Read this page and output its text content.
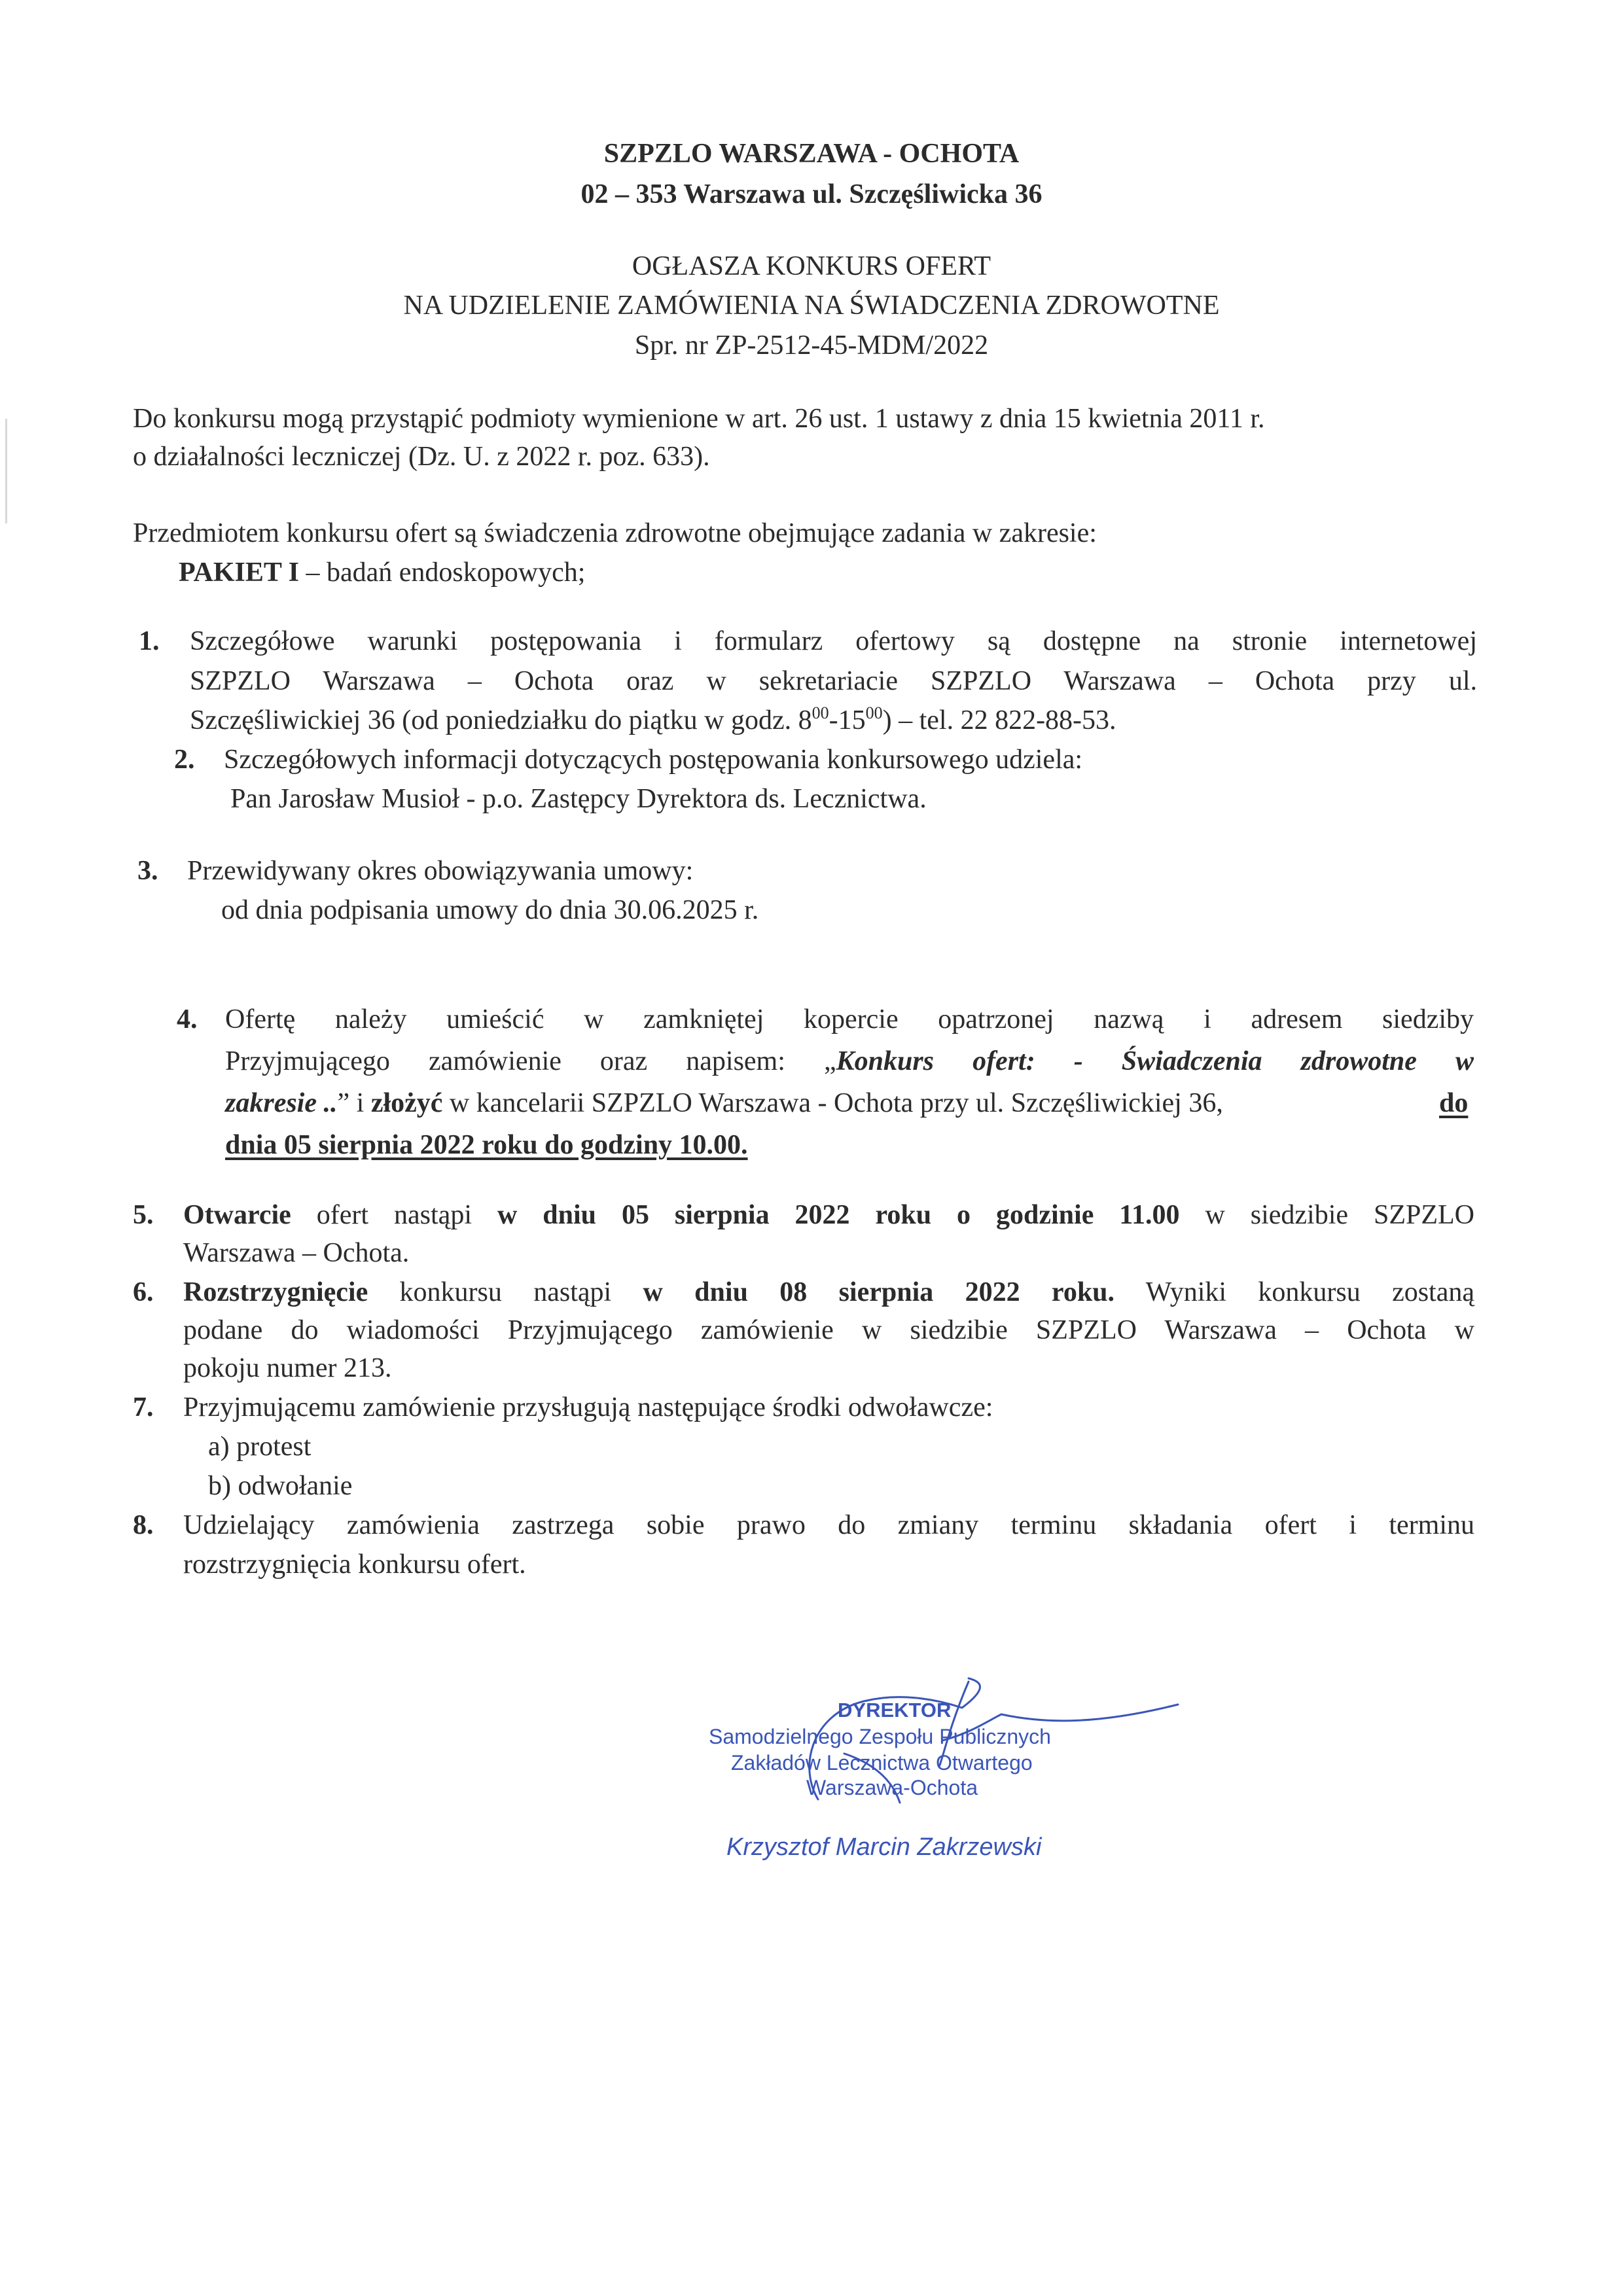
SZPZLO WARSZAWA - OCHOTA
02 – 353 Warszawa ul. Szczęśliwicka 36
OGŁASZA KONKURS OFERT
NA UDZIELENIE ZAMÓWIENIA NA ŚWIADCZENIA ZDROWOTNE
Spr. nr ZP-2512-45-MDM/2022
Do konkursu mogą przystąpić podmioty wymienione w art. 26 ust. 1 ustawy z dnia 15 kwietnia 2011 r.
o działalności leczniczej (Dz. U. z 2022 r. poz. 633).
Przedmiotem konkursu ofert są świadczenia zdrowotne obejmujące zadania w zakresie:
PAKIET I – badań endoskopowych;
1. Szczegółowe warunki postępowania i formularz ofertowy są dostępne na stronie internetowej
SZPZLO Warszawa – Ochota oraz w sekretariacie SZPZLO Warszawa – Ochota przy ul.
Szczęśliwickiej 36 (od poniedziałku do piątku w godz. $8^{00}-15^{00}$) – tel. 22 822-88-53.
2. Szczegółowych informacji dotyczących postępowania konkursowego udziela:
Pan Jarosław Musioł - p.o. Zastępcy Dyrektora ds. Lecznictwa.
3. Przewidywany okres obowiązywania umowy:
od dnia podpisania umowy do dnia 30.06.2025 r.
4. Ofertę należy umieścić w zamkniętej kopercie opatrzonej nazwą i adresem siedziby
Przyjmującego zamówienie oraz napisem: „Konkurs ofert: - Świadczenia zdrowotne w
zakresie ..” i złożyć w kancelarii SZPZLO Warszawa - Ochota przy ul. Szczęśliwickiej 36,	do
dnia 05 sierpnia 2022 roku do godziny 10.00.
5. Otwarcie ofert nastąpi w dniu 05 sierpnia 2022 roku o godzinie 11.00 w siedzibie SZPZLO
Warszawa – Ochota.
6. Rozstrzygnięcie konkursu nastąpi w dniu 08 sierpnia 2022 roku. Wyniki konkursu zostaną
podane do wiadomości Przyjmującego zamówienie w siedzibie SZPZLO Warszawa – Ochota w
pokoju numer 213.
7. Przyjmującemu zamówienie przysługują następujące środki odwoławcze:
a) protest
b) odwołanie
8. Udzielający zamówienia zastrzega sobie prawo do zmiany terminu składania ofert i terminu
rozstrzygnięcia konkursu ofert.
DYREKTOR
Samodzielnego Zespołu Publicznych
Zakładów Lecznictwa Otwartego
Warszawa-Ochota
Krzysztof Marcin Zakrzewski
